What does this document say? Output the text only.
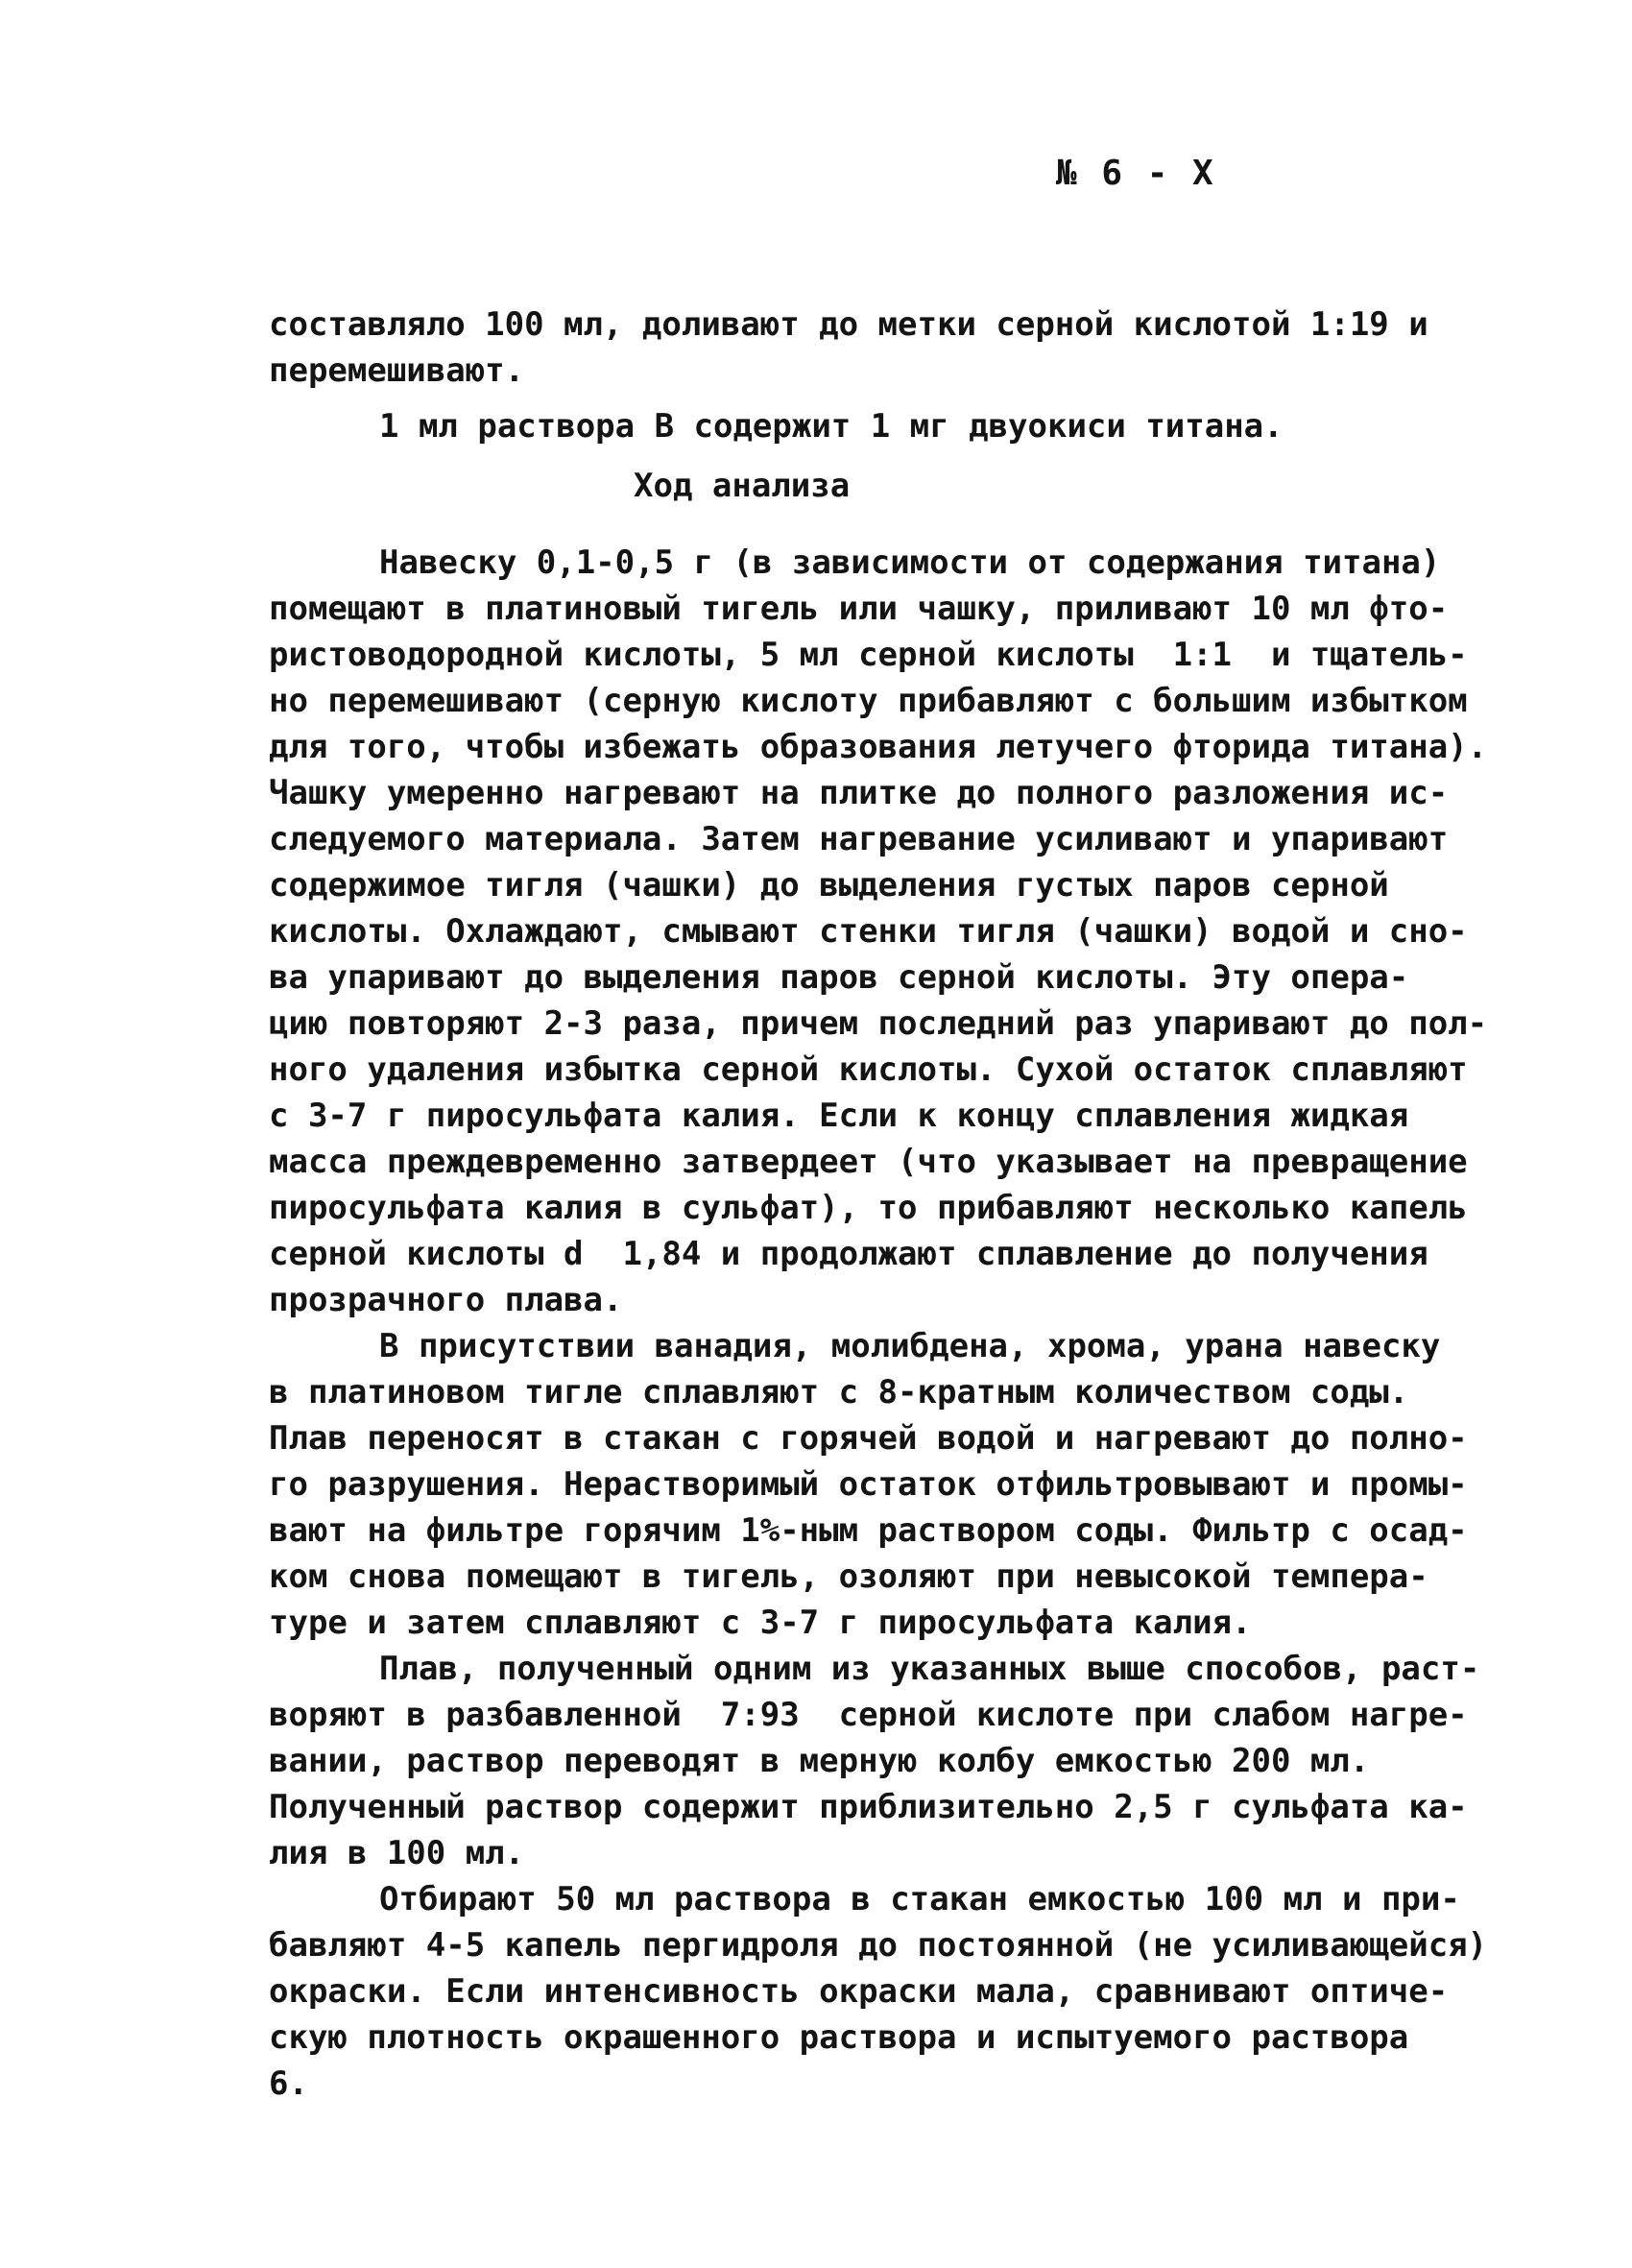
№ 6 - X
составляло 100 мл, доливают до метки серной кислотой 1:19 и
перемешивают.
1 мл раствора В содержит 1 мг двуокиси титана.
Ход анализа
Навеску 0,1-0,5 г (в зависимости от содержания титана)
помещают в платиновый тигель или чашку, приливают 10 мл фто-
ристоводородной кислоты, 5 мл серной кислоты  1:1  и тщатель-
но перемешивают (серную кислоту прибавляют с большим избытком
для того, чтобы избежать образования летучего фторида титана).
Чашку умеренно нагревают на плитке до полного разложения ис-
следуемого материала. Затем нагревание усиливают и упаривают
содержимое тигля (чашки) до выделения густых паров серной
кислоты. Охлаждают, смывают стенки тигля (чашки) водой и сно-
ва упаривают до выделения паров серной кислоты. Эту опера-
цию повторяют 2-3 раза, причем последний раз упаривают до пол-
ного удаления избытка серной кислоты. Сухой остаток сплавляют
с 3-7 г пиросульфата калия. Если к концу сплавления жидкая
масса преждевременно затвердеет (что указывает на превращение
пиросульфата калия в сульфат), то прибавляют несколько капель
серной кислоты d  1,84 и продолжают сплавление до получения
прозрачного плава.
В присутствии ванадия, молибдена, хрома, урана навеску
в платиновом тигле сплавляют с 8-кратным количеством соды.
Плав переносят в стакан с горячей водой и нагревают до полно-
го разрушения. Нерастворимый остаток отфильтровывают и промы-
вают на фильтре горячим 1%-ным раствором соды. Фильтр с осад-
ком снова помещают в тигель, озоляют при невысокой темпера-
туре и затем сплавляют с 3-7 г пиросульфата калия.
Плав, полученный одним из указанных выше способов, раст-
воряют в разбавленной  7:93  серной кислоте при слабом нагре-
вании, раствор переводят в мерную колбу емкостью 200 мл.
Полученный раствор содержит приблизительно 2,5 г сульфата ка-
лия в 100 мл.
Отбирают 50 мл раствора в стакан емкостью 100 мл и при-
бавляют 4-5 капель пергидроля до постоянной (не усиливающейся)
окраски. Если интенсивность окраски мала, сравнивают оптиче-
скую плотность окрашенного раствора и испытуемого раствора
6.
